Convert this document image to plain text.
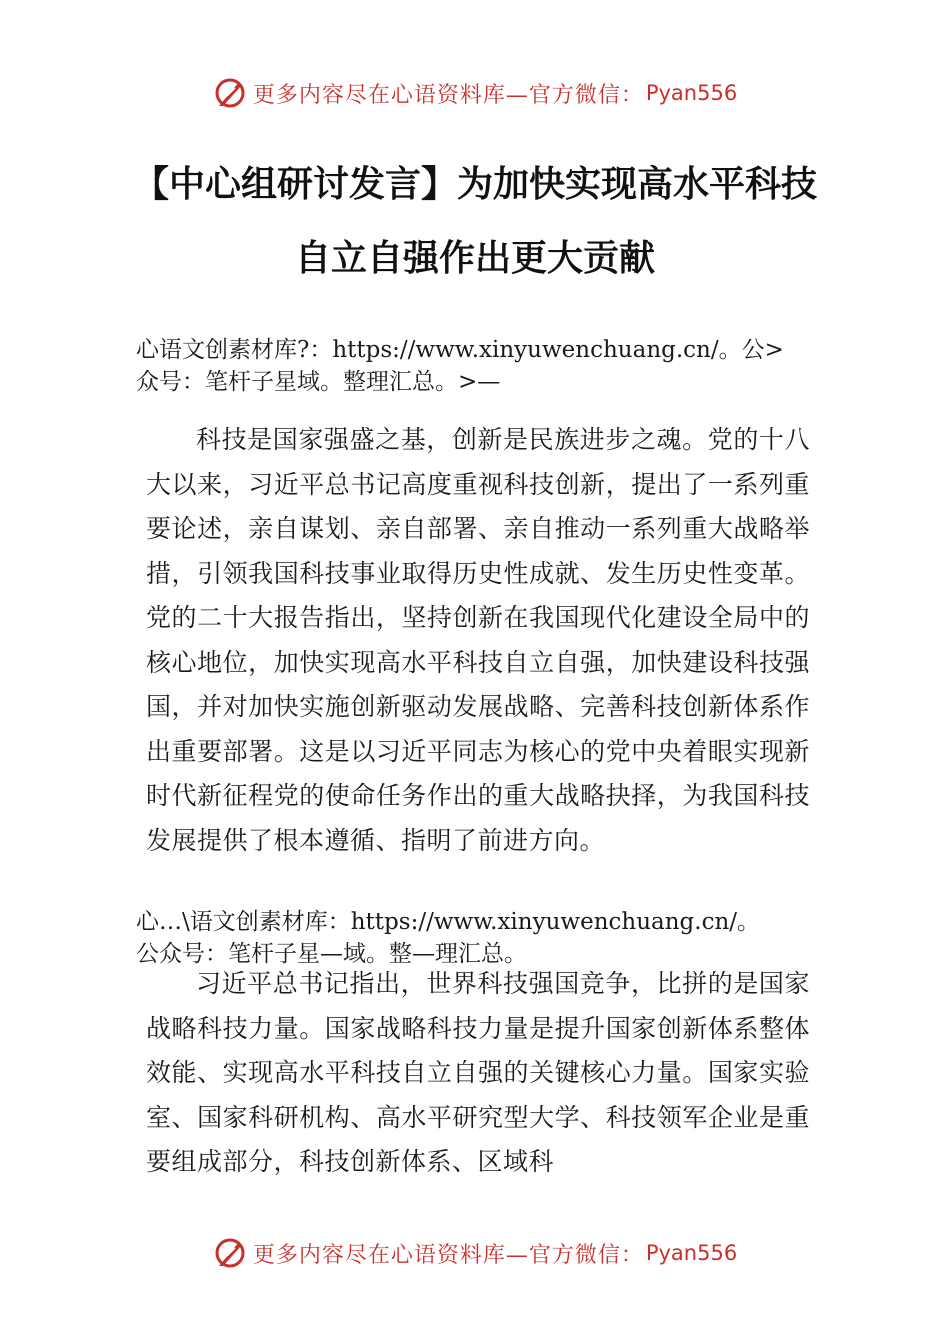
更多内容尽在心语资料库—官方微信： Pyan556
【中心组研讨发言】为加快实现高水平科技
自立自强作出更大贡献
心语文创素材库?：https://www.xinyuwenchuang.cn/。公>
众号：笔杆子星域。整理汇总。>—
科技是国家强盛之基，创新是民族进步之魂。党的十八大以来，习近平总书记高度重视科技创新，提出了一系列重要论述，亲自谋划、亲自部署、亲自推动一系列重大战略举措，引领我国科技事业取得历史性成就、发生历史性变革。党的二十大报告指出，坚持创新在我国现代化建设全局中的核心地位，加快实现高水平科技自立自强，加快建设科技强国，并对加快实施创新驱动发展战略、完善科技创新体系作出重要部署。这是以习近平同志为核心的党中央着眼实现新时代新征程党的使命任务作出的重大战略抉择，为我国科技发展提供了根本遵循、指明了前进方向。
心…\语文创素材库：https://www.xinyuwenchuang.cn/。
公众号：笔杆子星—域。整—理汇总。
习近平总书记指出，世界科技强国竞争，比拼的是国家战略科技力量。国家战略科技力量是提升国家创新体系整体效能、实现高水平科技自立自强的关键核心力量。国家实验室、国家科研机构、高水平研究型大学、科技领军企业是重要组成部分，科技创新体系、区域科
更多内容尽在心语资料库—官方微信： Pyan556
